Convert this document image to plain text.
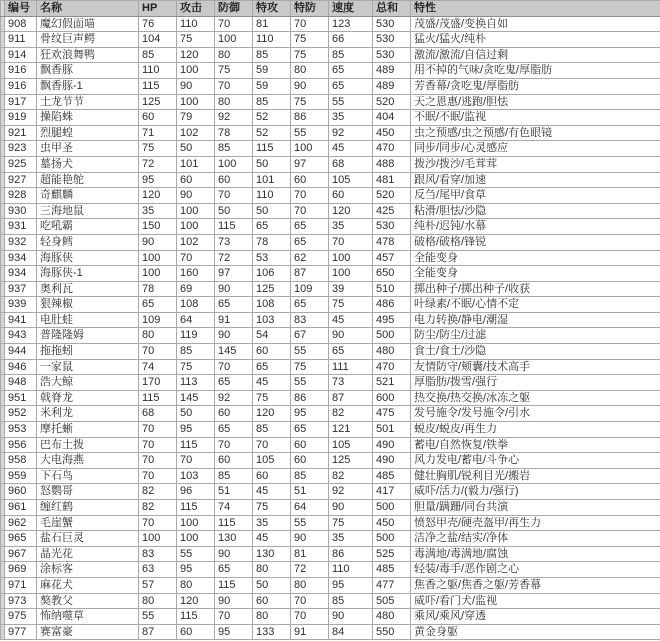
	编号	名称	HP	攻击	防御	特攻	特防	速度	总和	特性
	908	魔幻假面喵	76	110	70	81	70	123	530	茂盛/茂盛/变换自如
	911	骨纹巨声鳄	104	75	100	110	75	66	530	猛火/猛火/纯朴
	914	狂欢浪舞鸭	85	120	80	85	75	85	530	激流/激流/自信过剩
	916	飘香豚	110	100	75	59	80	65	489	用不掉的气味/贪吃鬼/厚脂肪
	916	飘香豚-1	115	90	70	59	90	65	489	芳香幕/贪吃鬼/厚脂肪
	917	土龙节节	125	100	80	85	75	55	520	天之恩惠/逃跑/胆怯
	919	操陷蛛	60	79	92	52	86	35	404	不眠/不眠/监视
	921	烈腿蝗	71	102	78	52	55	92	450	虫之预感/虫之预感/有色眼镜
	923	虫甲圣	75	50	85	115	100	45	470	同步/同步/心灵感应
	925	墓扬犬	72	101	100	50	97	68	488	拨沙/拨沙/毛茸茸
	927	超能艳鸵	95	60	60	101	60	105	481	跟风/看穿/加速
	928	奇麒麟	120	90	70	110	70	60	520	反刍/尾甲/食草
	930	三海地鼠	35	100	50	50	70	120	425	粘滑/胆怯/沙隐
	931	吃吼霸	150	100	115	65	65	35	530	纯朴/迟钝/水幕
	932	轻身鳕	90	102	73	78	65	70	478	破格/破格/锋锐
	934	海豚侠	100	70	72	53	62	100	457	全能变身
	934	海豚侠-1	100	160	97	106	87	100	650	全能变身
	937	奥利瓦	78	69	90	125	109	39	510	掷出种子/掷出种子/收获
	939	狠辣椒	65	108	65	108	65	75	486	叶绿素/不眠/心情不定
	941	电肚蛙	109	64	91	103	83	45	495	电力转换/静电/潮湿
	943	普隆隆姆	80	119	90	54	67	90	500	防尘/防尘/过滤
	944	拖拖蚓	70	85	145	60	55	65	480	食土/食土/沙隐
	946	一家鼠	74	75	70	65	75	111	470	友情防守/颊囊/技术高手
	948	浩大鲸	170	113	65	45	55	73	521	厚脂肪/拨雪/强行
	951	戟脊龙	115	145	92	75	86	87	600	热交换/热交换/冰冻之躯
	952	米利龙	68	50	60	120	95	82	475	发号施令/发号施令/引水
	953	摩托蜥	70	95	65	85	65	121	501	蜕皮/蜕皮/再生力
	956	巴布土拨	70	115	70	70	60	105	490	蓄电/自然恢复/铁拳
	958	大电海燕	70	70	60	105	60	125	490	风力发电/蓄电/斗争心
	959	下石鸟	70	103	85	60	85	82	485	健壮胸肌/锐利目光/搬岩
	960	怒鹦哥	82	96	51	45	51	92	417	威吓/活力/(毅力/强行)
	961	缠红鹤	82	115	74	75	64	90	500	胆量/蹒跚/同台共演
	962	毛崖蟹	70	100	115	35	55	75	450	愤怒甲壳/硬壳盔甲/再生力
	965	盐石巨灵	100	100	130	45	90	35	500	洁净之盐/结实/净体
	967	晶光花	83	55	90	130	81	86	525	毒满地/毒满地/腐蚀
	969	涂标客	63	95	65	80	72	110	485	轻装/毒手/恶作剧之心
	971	麻花犬	57	80	115	50	80	95	477	焦香之躯/焦香之躯/芳香幕
	973	獒教父	80	120	90	60	70	85	505	威吓/看门犬/监视
	975	怖纳噬草	55	115	70	80	70	90	480	乘风/乘风/穿透
	977	赛富豪	87	60	95	133	91	84	550	黄金身躯
